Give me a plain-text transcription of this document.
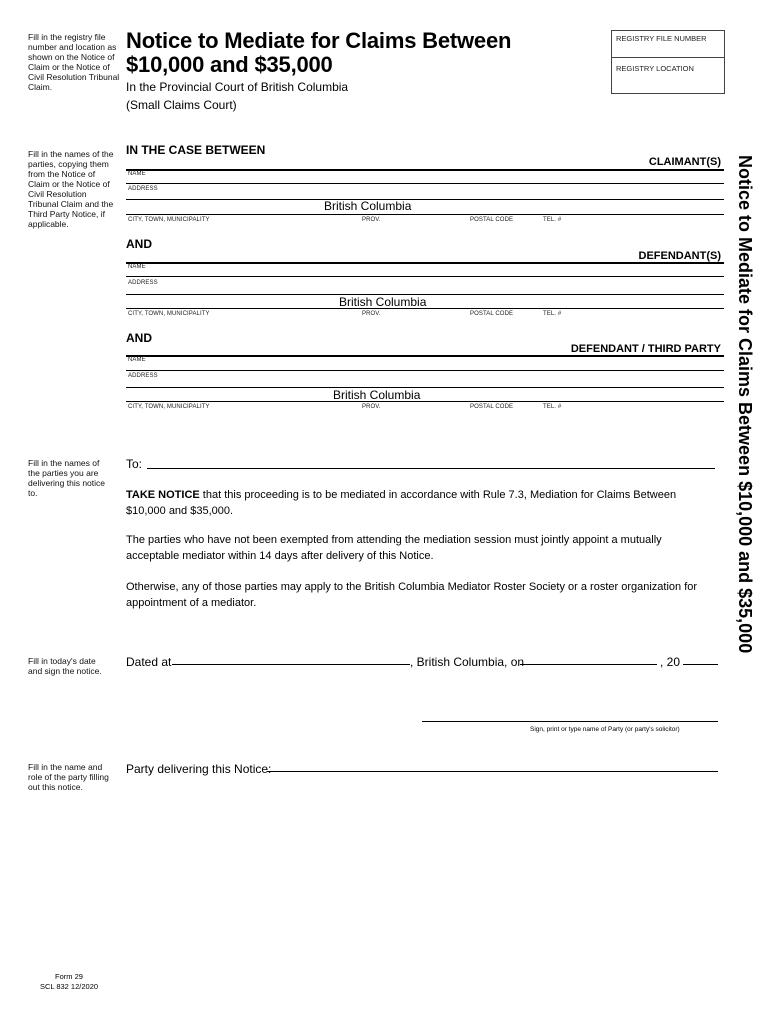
Fill in the registry file number and location as shown on the Notice of Claim or the Notice of Civil Resolution Tribunal Claim.
Fill in the names of the parties, copying them from the Notice of Claim or the Notice of Civil Resolution Tribunal Claim and the Third Party Notice, if applicable.
Fill in the names of the parties you are delivering this notice to.
Fill in today's date and sign the notice.
Fill in the name and role of the party filling out this notice.
Notice to Mediate for Claims Between
$10,000 and $35,000
In the Provincial Court of British Columbia
(Small Claims Court)
REGISTRY FILE NUMBER
REGISTRY LOCATION
IN THE CASE BETWEEN
CLAIMANT(S)
NAME
ADDRESS
British Columbia
CITY, TOWN, MUNICIPALITY	PROV.	POSTAL CODE	TEL. #
AND
DEFENDANT(S)
NAME
ADDRESS
British Columbia
CITY, TOWN, MUNICIPALITY	PROV.	POSTAL CODE	TEL. #
AND
DEFENDANT / THIRD PARTY
NAME
ADDRESS
British Columbia
CITY, TOWN, MUNICIPALITY	PROV.	POSTAL CODE	TEL. #
To:
TAKE NOTICE that this proceeding is to be mediated in accordance with Rule 7.3, Mediation for Claims Between $10,000 and $35,000.
The parties who have not been exempted from attending the mediation session must jointly appoint a mutually acceptable mediator within 14 days after delivery of this Notice.
Otherwise, any of those parties may apply to the British Columbia Mediator Roster Society or a roster organization for appointment of a mediator.
Dated at	, British Columbia, on	, 20
Sign, print or type name of Party (or party's solicitor)
Party delivering this Notice:
Notice to Mediate for Claims Between $10,000 and $35,000
Form 29
SCL 832 12/2020
